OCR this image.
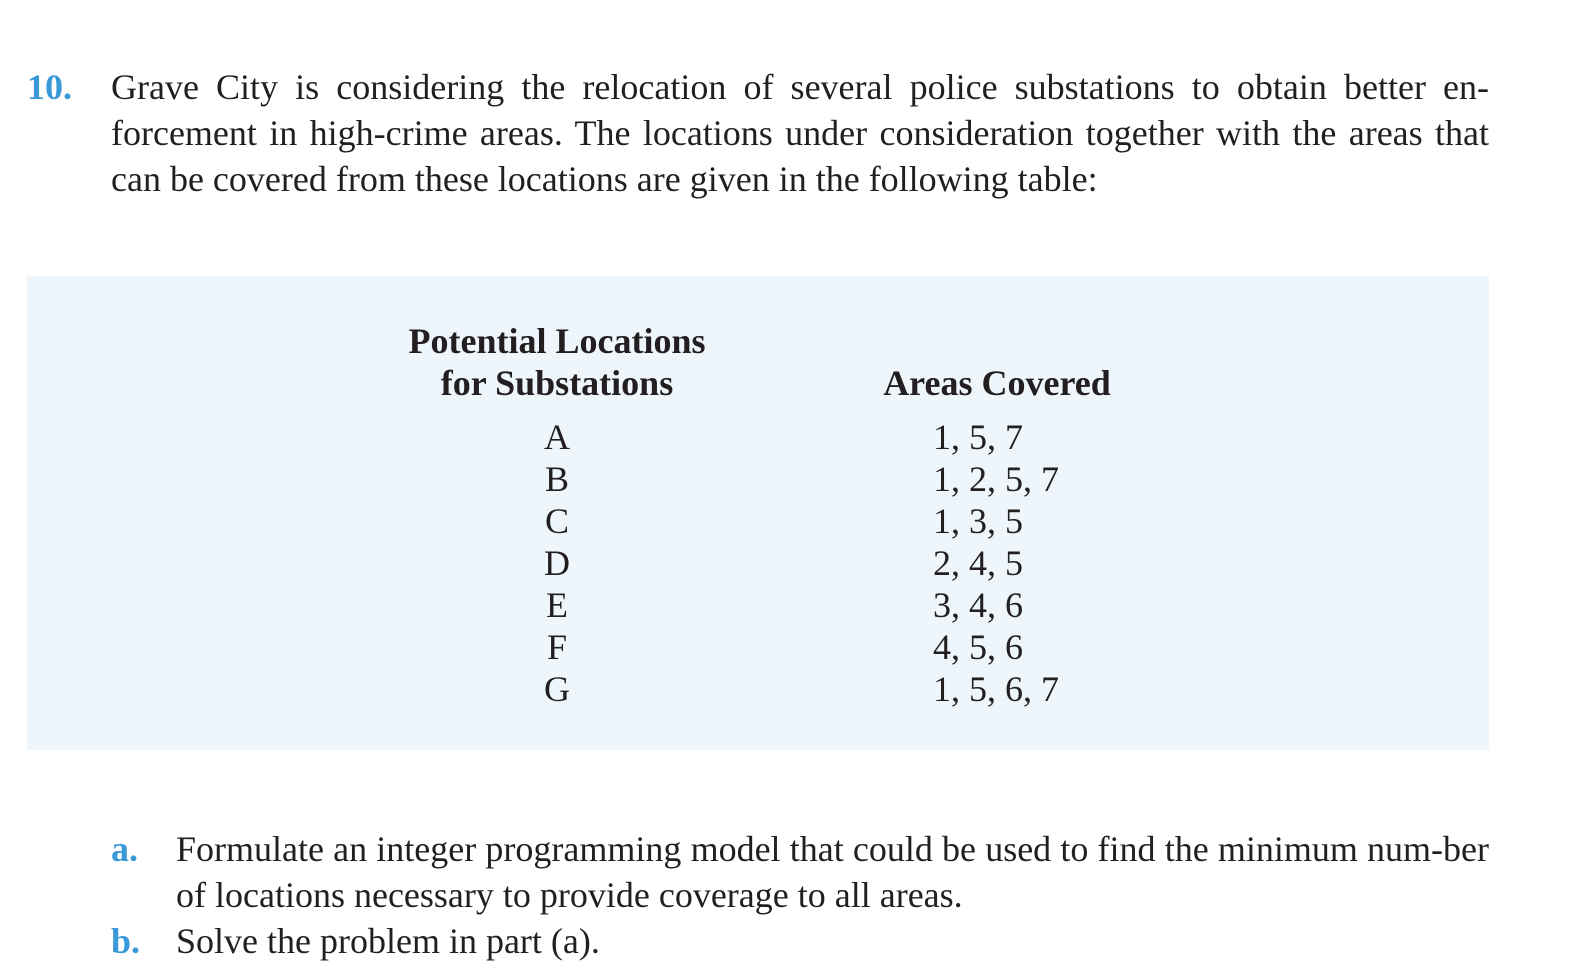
10. Grave City is considering the relocation of several police substations to obtain better en-forcement in high-crime areas. The locations under consideration together with the areas that can be covered from these locations are given in the following table:
Potential Locations
for Substations	Areas Covered
A
B
C
D
E
F
G
1, 5, 7
1, 2, 5, 7
1, 3, 5
2, 4, 5
3, 4, 6
4, 5, 6
1, 5, 6, 7
a. Formulate an integer programming model that could be used to find the minimum num-ber of locations necessary to provide coverage to all areas.
b. Solve the problem in part (a).
